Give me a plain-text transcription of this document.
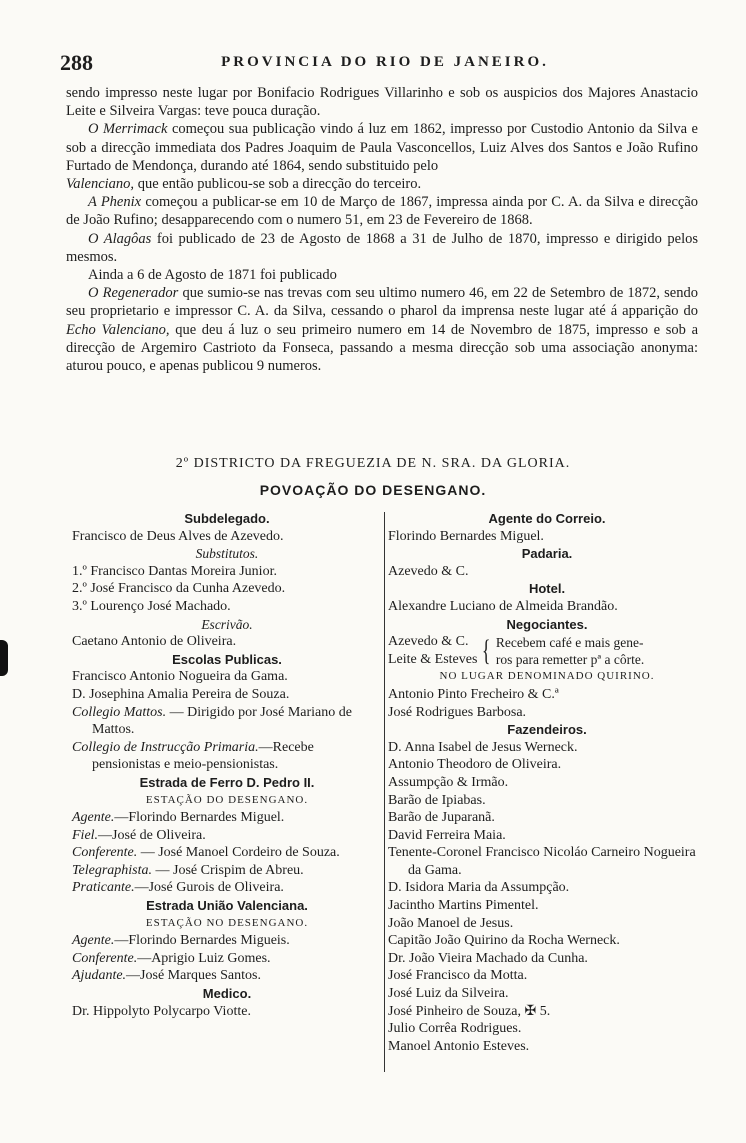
288	PROVINCIA DO RIO DE JANEIRO.

sendo impresso neste lugar por Bonifacio Rodrigues Villarinho e sob os auspicios dos Majores Anastacio Leite e Silveira Vargas: teve pouca duração.

O Merrimack começou sua publicação vindo á luz em 1862, impresso por Custodio Antonio da Silva e sob a direcção immediata dos Padres Joaquim de Paula Vasconcellos, Luiz Alves dos Santos e João Rufino Furtado de Mendonça, durando até 1864, sendo substituido pelo

Valenciano, que então publicou-se sob a direcção do terceiro.

A Phenix começou a publicar-se em 10 de Março de 1867, impressa ainda por C. A. da Silva e direcção de João Rufino; desapparecendo com o numero 51, em 23 de Fevereiro de 1868.

O Alagôas foi publicado de 23 de Agosto de 1868 a 31 de Julho de 1870, impresso e dirigido pelos mesmos.

Ainda a 6 de Agosto de 1871 foi publicado

O Regenerador que sumio-se nas trevas com seu ultimo numero 46, em 22 de Setembro de 1872, sendo seu proprietario e impressor C. A. da Silva, cessando o pharol da imprensa neste lugar até á apparição do Echo Valenciano, que deu á luz o seu primeiro numero em 14 de Novembro de 1875, impresso e sob a direcção de Argemiro Castrioto da Fonseca, passando a mesma direcção sob uma associação anonyma: aturou pouco, e apenas publicou 9 numeros.

2º DISTRICTO DA FREGUEZIA DE N. SRA. DA GLORIA.
POVOAÇÃO DO DESENGANO.
Subdelegado.
Francisco de Deus Alves de Azevedo.
Substitutos.
1.º Francisco Dantas Moreira Junior.
2.º José Francisco da Cunha Azevedo.
3.º Lourenço José Machado.
Escrivão.
Caetano Antonio de Oliveira.
Escolas Publicas.
Francisco Antonio Nogueira da Gama.
D. Josephina Amalia Pereira de Souza.
Collegio Mattos. — Dirigido por José Mariano de Mattos.
Collegio de Instrucção Primaria.—Recebe pensionistas e meio-pensionistas.
Estrada de Ferro D. Pedro II.
ESTAÇÃO DO DESENGANO.
Agente.—Florindo Bernardes Miguel.
Fiel.—José de Oliveira.
Conferente. — José Manoel Cordeiro de Souza.
Telegraphista. — José Crispim de Abreu.
Praticante.—José Gurois de Oliveira.
Estrada União Valenciana.
ESTAÇÃO NO DESENGANO.
Agente.—Florindo Bernardes Migueis.
Conferente.—Aprigio Luiz Gomes.
Ajudante.—José Marques Santos.
Medico.
Dr. Hippolyto Polycarpo Viotte.
Agente do Correio.
Florindo Bernardes Miguel.
Padaria.
Azevedo & C.
Hotel.
Alexandre Luciano de Almeida Brandão.
Negociantes.
Azevedo & C.
Leite & Esteves { Recebem café e mais gene-
ros para remetter pª a côrte.
NO LUGAR DENOMINADO QUIRINO.
Antonio Pinto Frecheiro & C.ª
José Rodrigues Barbosa.
Fazendeiros.
D. Anna Isabel de Jesus Werneck.
Antonio Theodoro de Oliveira.
Assumpção & Irmão.
Barão de Ipiabas.
Barão de Juparanã.
David Ferreira Maia.
Tenente-Coronel Francisco Nicoláo Carneiro Nogueira da Gama.
D. Isidora Maria da Assumpção.
Jacintho Martins Pimentel.
João Manoel de Jesus.
Capitão João Quirino da Rocha Werneck.
Dr. João Vieira Machado da Cunha.
José Francisco da Motta.
José Luiz da Silveira.
José Pinheiro de Souza, ✠ 5.
Julio Corrêa Rodrigues.
Manoel Antonio Esteves.
